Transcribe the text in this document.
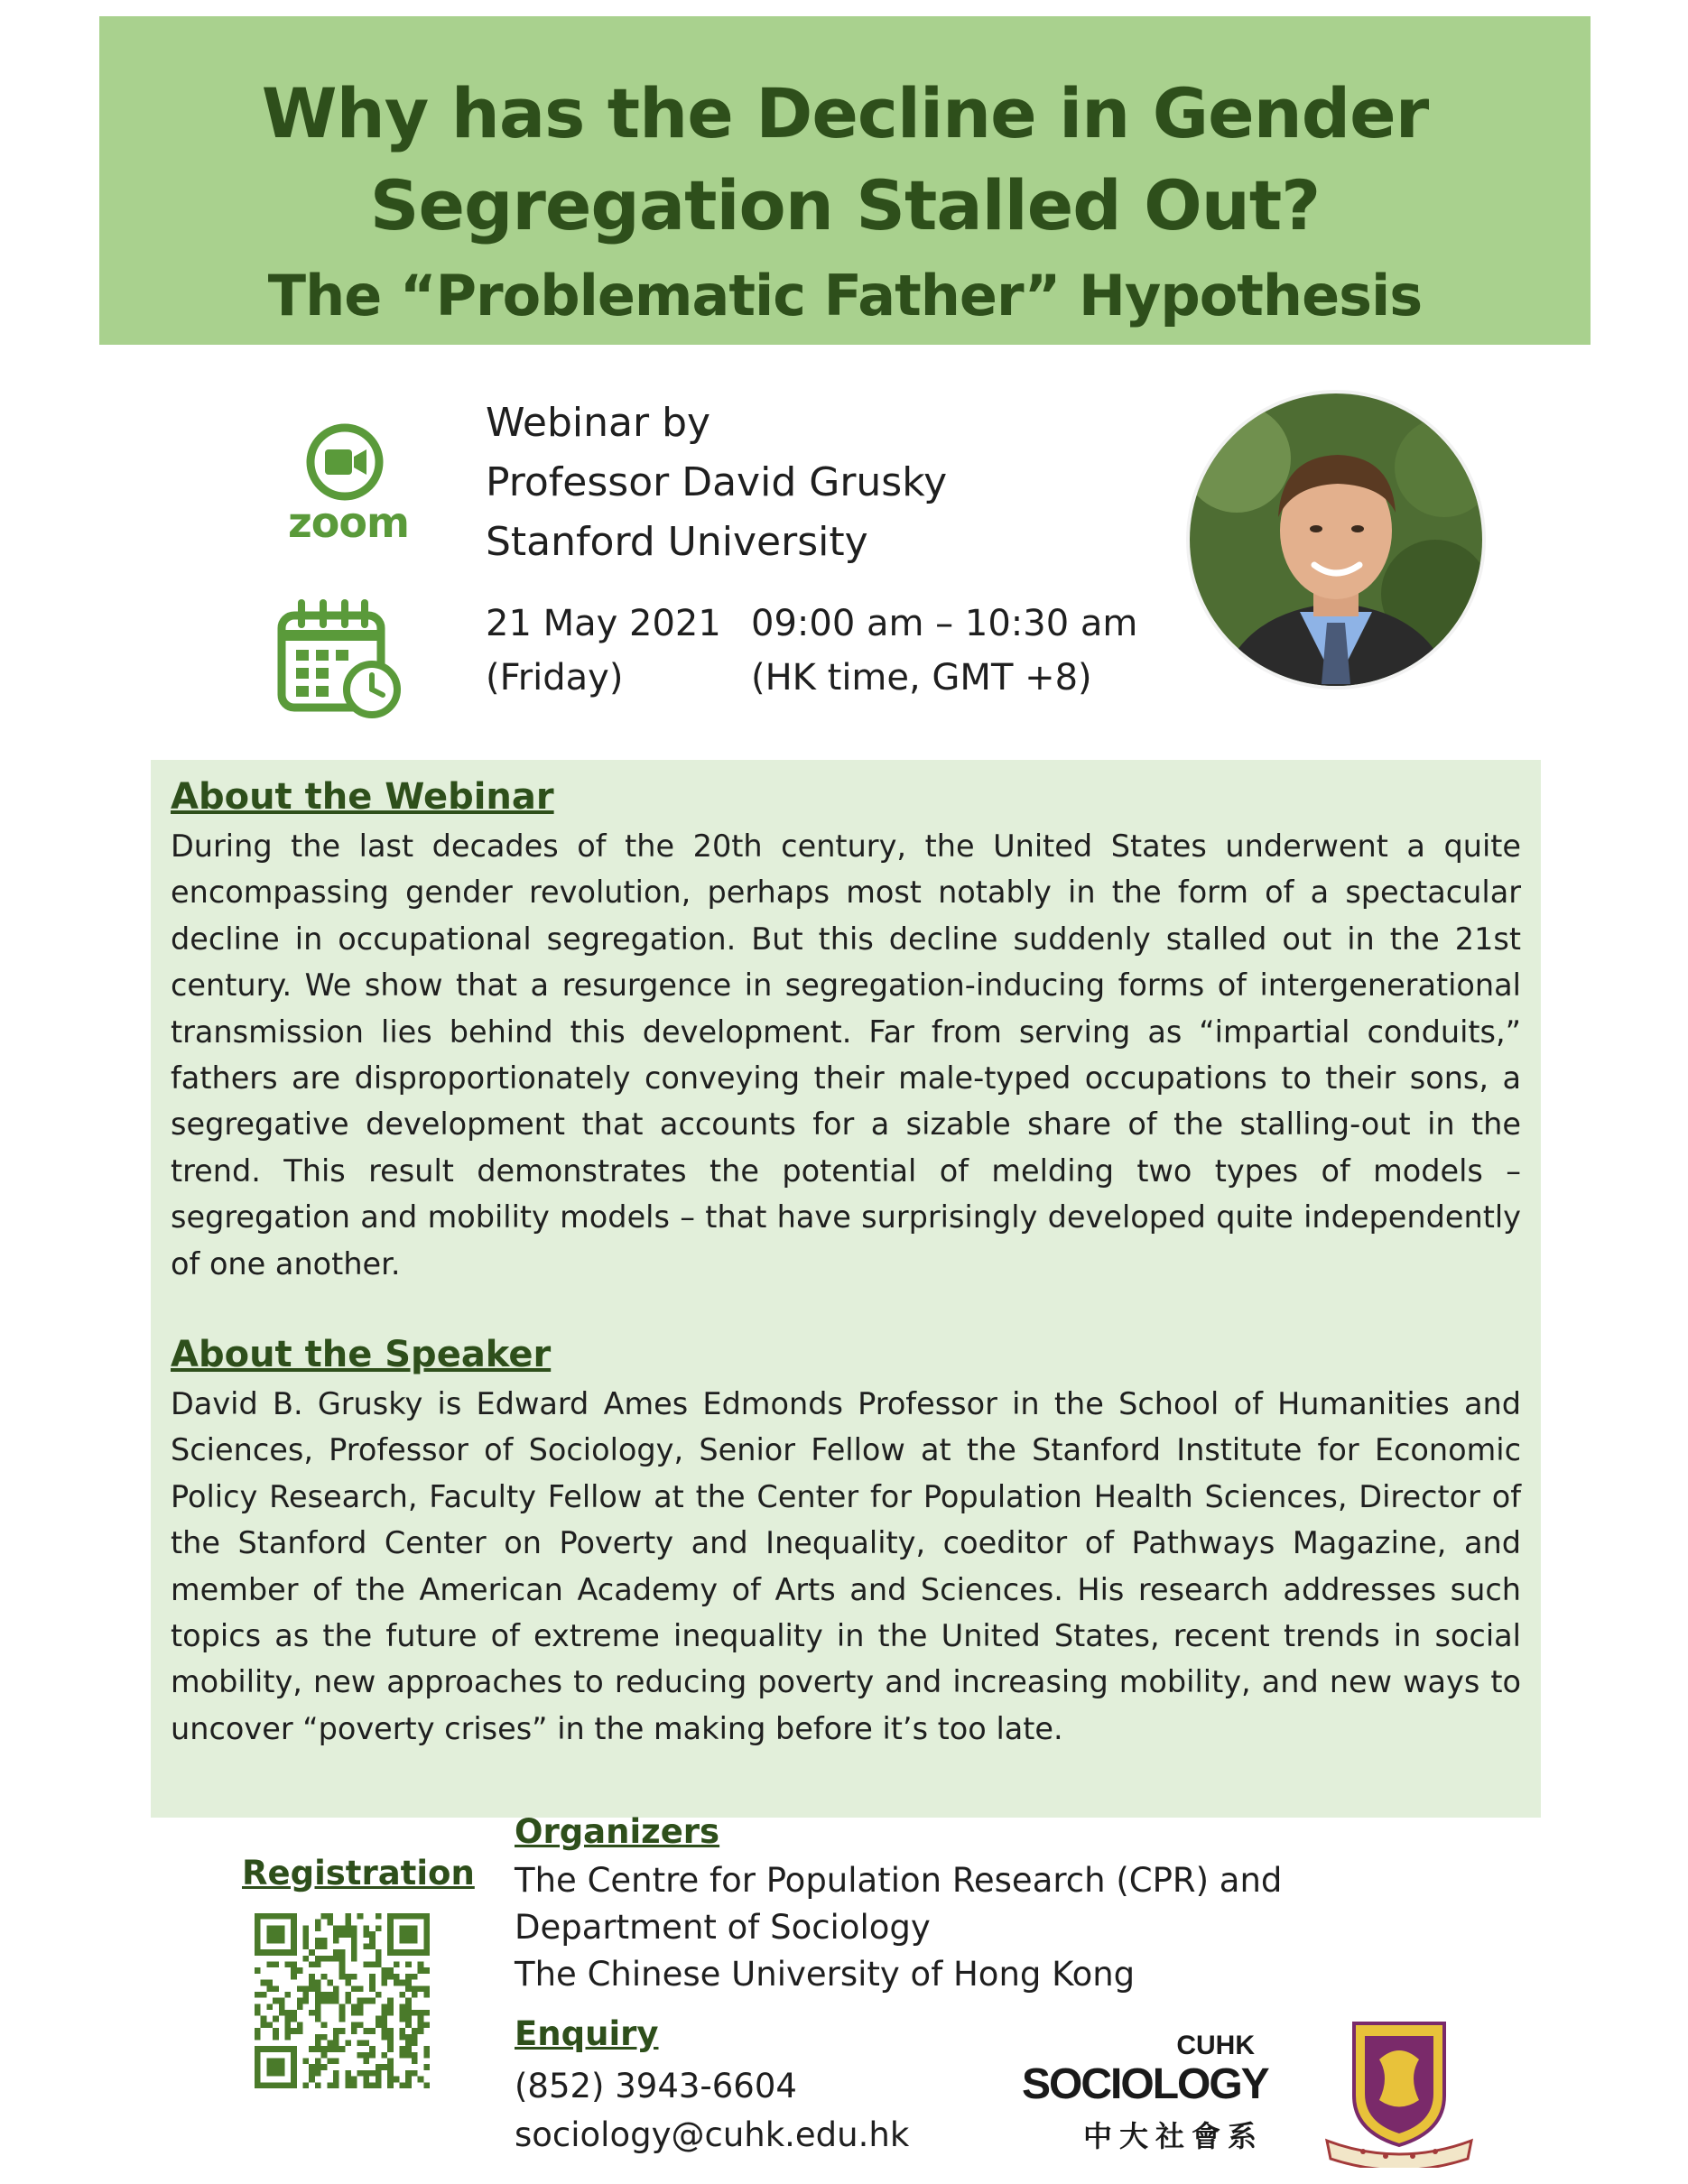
Why has the Decline in Gender
Segregation Stalled Out?
The “Problematic Father” Hypothesis
zoom
Webinar by
Professor David Grusky
Stanford University
21 May 2021
(Friday)
09:00 am – 10:30 am
(HK time, GMT +8)
About the Webinar
During the last decades of the 20th century, the United States underwent a quite encompassing gender revolution, perhaps most notably in the form of a spectacular decline in occupational segregation. But this decline suddenly stalled out in the 21st century. We show that a resurgence in segregation-inducing forms of intergenerational transmission lies behind this development. Far from serving as “impartial conduits,” fathers are disproportionately conveying their male-typed occupations to their sons, a segregative development that accounts for a sizable share of the stalling-out in the trend. This result demonstrates the potential of melding two types of models – segregation and mobility models – that have surprisingly developed quite independently of one another.
About the Speaker
David B. Grusky is Edward Ames Edmonds Professor in the School of Humanities and Sciences, Professor of Sociology, Senior Fellow at the Stanford Institute for Economic Policy Research, Faculty Fellow at the Center for Population Health Sciences, Director of the Stanford Center on Poverty and Inequality, coeditor of Pathways Magazine, and member of the American Academy of Arts and Sciences. His research addresses such topics as the future of extreme inequality in the United States, recent trends in social mobility, new approaches to reducing poverty and increasing mobility, and new ways to uncover “poverty crises” in the making before it’s too late.
Registration
Organizers
The Centre for Population Research (CPR) and
Department of Sociology
The Chinese University of Hong Kong
Enquiry
(852) 3943-6604
sociology@cuhk.edu.hk
CUHK
SOCIOLOGY
中大社會系
